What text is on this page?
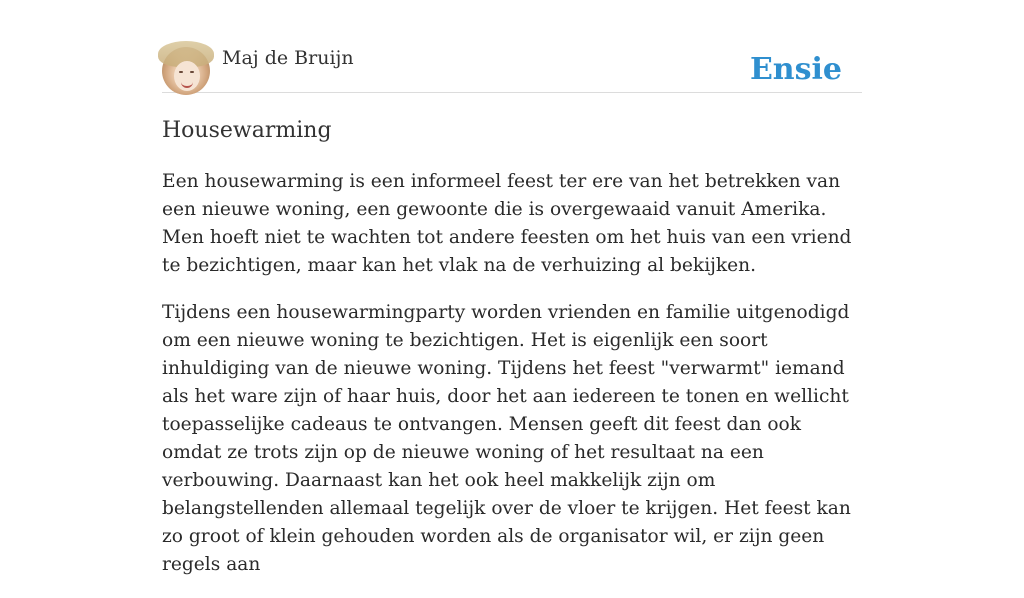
Maj de Bruijn	Ensie
Housewarming

Een housewarming is een informeel feest ter ere van het betrekken van een nieuwe woning, een gewoonte die is overgewaaid vanuit Amerika. Men hoeft niet te wachten tot andere feesten om het huis van een vriend te bezichtigen, maar kan het vlak na de verhuizing al bekijken.

Tijdens een housewarmingparty worden vrienden en familie uitgenodigd om een nieuwe woning te bezichtigen. Het is eigenlijk een soort inhuldiging van de nieuwe woning. Tijdens het feest "verwarmt" iemand als het ware zijn of haar huis, door het aan iedereen te tonen en wellicht toepasselijke cadeaus te ontvangen. Mensen geeft dit feest dan ook omdat ze trots zijn op de nieuwe woning of het resultaat na een verbouwing. Daarnaast kan het ook heel makkelijk zijn om belangstellenden allemaal tegelijk over de vloer te krijgen. Het feest kan zo groot of klein gehouden worden als de organisator wil, er zijn geen regels aan
